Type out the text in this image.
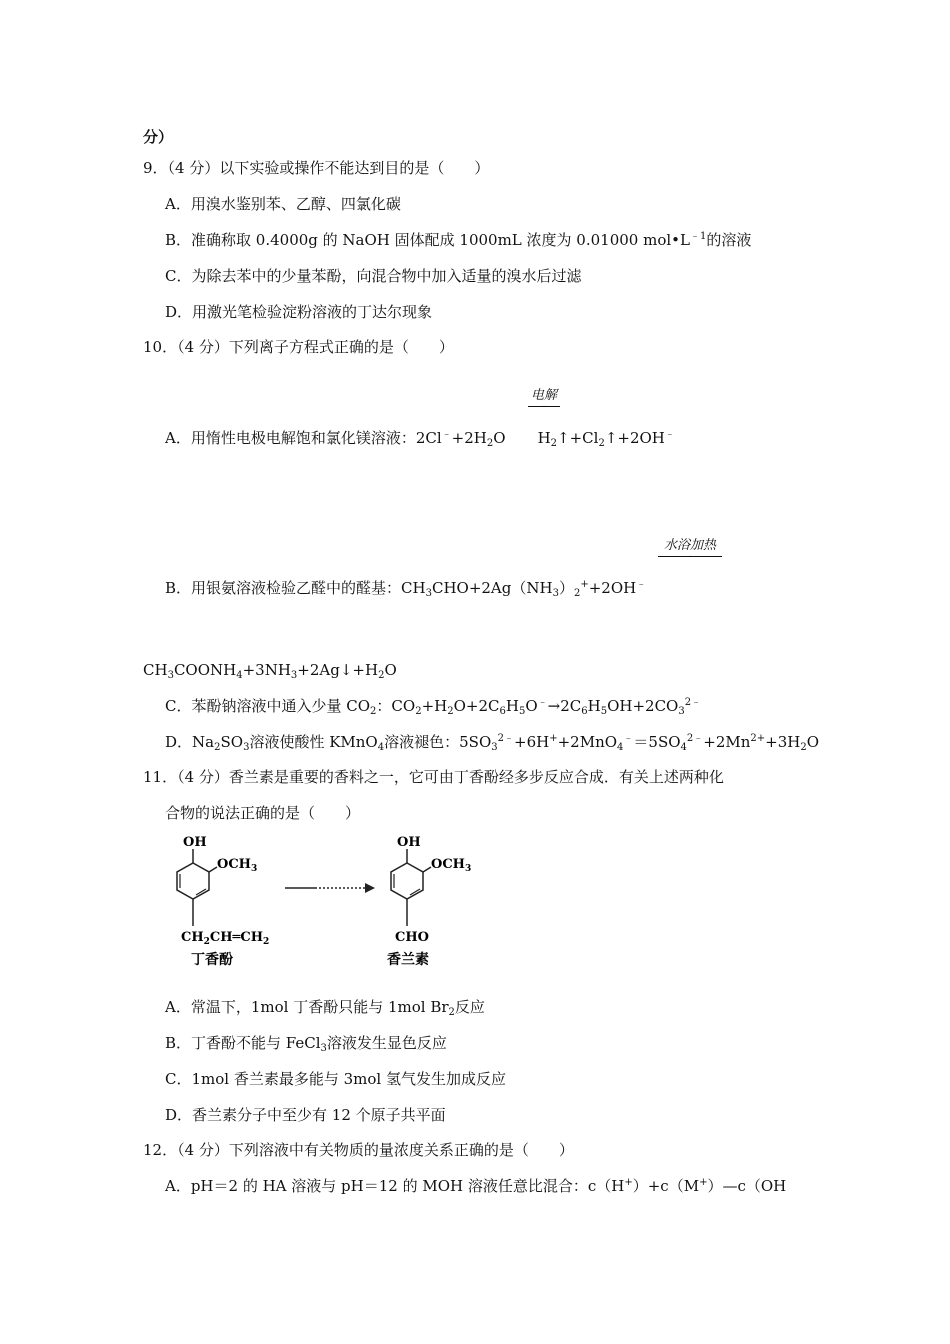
分）
9．（4 分）以下实验或操作不能达到目的是（　　）
A．用溴水鉴别苯、乙醇、四氯化碳
B．准确称取 0.4000g 的 NaOH 固体配成 1000mL 浓度为 0.01000 $mol•L^{﹣1}$的溶液
C．为除去苯中的少量苯酚，向混合物中加入适量的溴水后过滤
D．用激光笔检验淀粉溶液的丁达尔现象
10．（4 分）下列离子方程式正确的是（　　）
电解
-
A．用惰性电极电解饱和氯化镁溶液：$2Cl^﹣+2H_2O$ $H_2↑+Cl_2↑+2OH^﹣$
水浴加热
-
B．用银氨溶液检验乙醛中的醛基：$CH_3CHO+2Ag(NH_3)_2^++2OH^﹣$
$CH_3COONH_4+3NH_3+2Ag↓+H_2O$
C．苯酚钠溶液中通入少量 $CO_2$：$CO_2+H_2O+2C_6H_5O^﹣\to 2C_6H_5OH+2CO_3^{2﹣}$
D．$Na_2SO_3$溶液使酸性 KMnO$_4$溶液褪色：$5SO_3^{2﹣}+6H^++2MnO_4^﹣=5SO_4^{2﹣}+2Mn^{2+}+3H_2O$
11．（4 分）香兰素是重要的香料之一，它可由丁香酚经多步反应合成．有关上述两种化
合物的说法正确的是（　　）
OH
$OCH_3$
$CH_2CH═CH_2$
丁香酚
OH
$OCH_3$
CHO
香兰素
A．常温下，1mol 丁香酚只能与 1mol $Br_2$反应
B．丁香酚不能与 FeCl$_3$溶液发生显色反应
C．1mol 香兰素最多能与 3mol 氢气发生加成反应
D．香兰素分子中至少有 12 个原子共平面
12．（4 分）下列溶液中有关物质的量浓度关系正确的是（　　）
A．pH＝2 的 HA 溶液与 pH＝12 的 MOH 溶液任意比混合：c（H+）+c（M+）—c（OH
